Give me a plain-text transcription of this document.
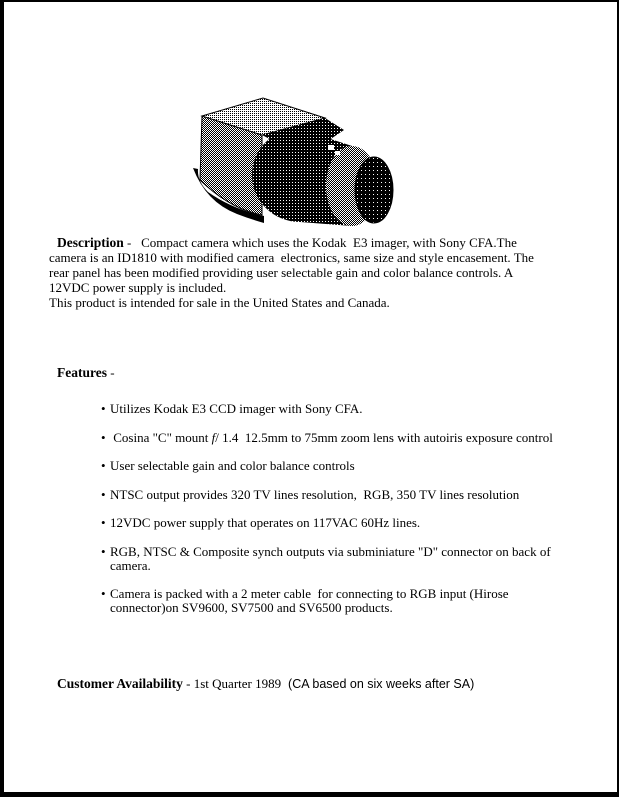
Description -   Compact camera which uses the Kodak  E3 imager, with Sony CFA.The
camera is an ID1810 with modified camera  electronics, same size and style encasement. The
rear panel has been modified providing user selectable gain and color balance controls. A
12VDC power supply is included.
This product is intended for sale in the United States and Canada.
Features -
• Utilizes Kodak E3 CCD imager with Sony CFA.
• Cosina "C" mount f/ 1.4  12.5mm to 75mm zoom lens with autoiris exposure control
• User selectable gain and color balance controls
• NTSC output provides 320 TV lines resolution,  RGB, 350 TV lines resolution
• 12VDC power supply that operates on 117VAC 60Hz lines.
• RGB, NTSC & Composite synch outputs via subminiature "D" connector on back of
camera.
• Camera is packed with a 2 meter cable  for connecting to RGB input (Hirose
connector)on SV9600, SV7500 and SV6500 products.
Customer Availability - 1st Quarter 1989  (CA based on six weeks after SA)
